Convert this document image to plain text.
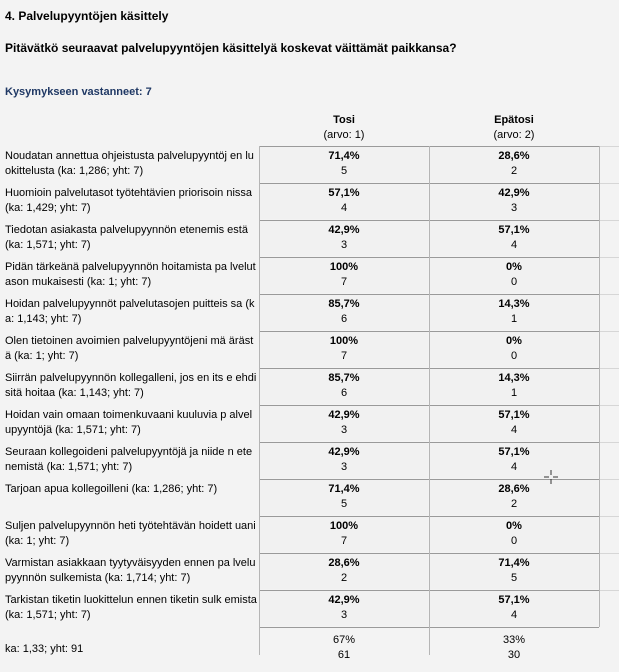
4. Palvelupyyntöjen käsittely
Pitävätkö seuraavat palvelupyyntöjen käsittelyä koskevat väittämät paikkansa?
Kysymykseen vastanneet: 7
Tosi
(arvo: 1)
Epätosi
(arvo: 2)
Noudatan annettua ohjeistusta palvelupyyntöj en luokittelusta (ka: 1,286; yht: 7)
71,4%
5
28,6%
2
Huomioin palvelutasot työtehtävien priorisoin nissa (ka: 1,429; yht: 7)
57,1%
4
42,9%
3
Tiedotan asiakasta palvelupyynnön etenemis estä (ka: 1,571; yht: 7)
42,9%
3
57,1%
4
Pidän tärkeänä palvelupyynnön hoitamista pa lvelutason mukaisesti (ka: 1; yht: 7)
100%
7
0%
0
Hoidan palvelupyynnöt palvelutasojen puitteis sa (ka: 1,143; yht: 7)
85,7%
6
14,3%
1
Olen tietoinen avoimien palvelupyyntöjeni mä ärästä (ka: 1; yht: 7)
100%
7
0%
0
Siirrän palvelupyynnön kollegalleni, jos en its e ehdi sitä hoitaa (ka: 1,143; yht: 7)
85,7%
6
14,3%
1
Hoidan vain omaan toimenkuvaani kuuluvia p alvelupyyntöjä (ka: 1,571; yht: 7)
42,9%
3
57,1%
4
Seuraan kollegoideni palvelupyyntöjä ja niide n etenemistä (ka: 1,571; yht: 7)
42,9%
3
57,1%
4
Tarjoan apua kollegoilleni (ka: 1,286; yht: 7)	71,4%
5
28,6%
2
Suljen palvelupyynnön heti työtehtävän hoidett uani (ka: 1; yht: 7)
100%
7
0%
0
Varmistan asiakkaan tyytyväisyyden ennen pa lvelupyynnön sulkemista (ka: 1,714; yht: 7)
28,6%
2
71,4%
5
Tarkistan tiketin luokittelun ennen tiketin sulk emista (ka: 1,571; yht: 7)
42,9%
3
57,1%
4
ka: 1,33; yht: 91
67%
61
33%
30
